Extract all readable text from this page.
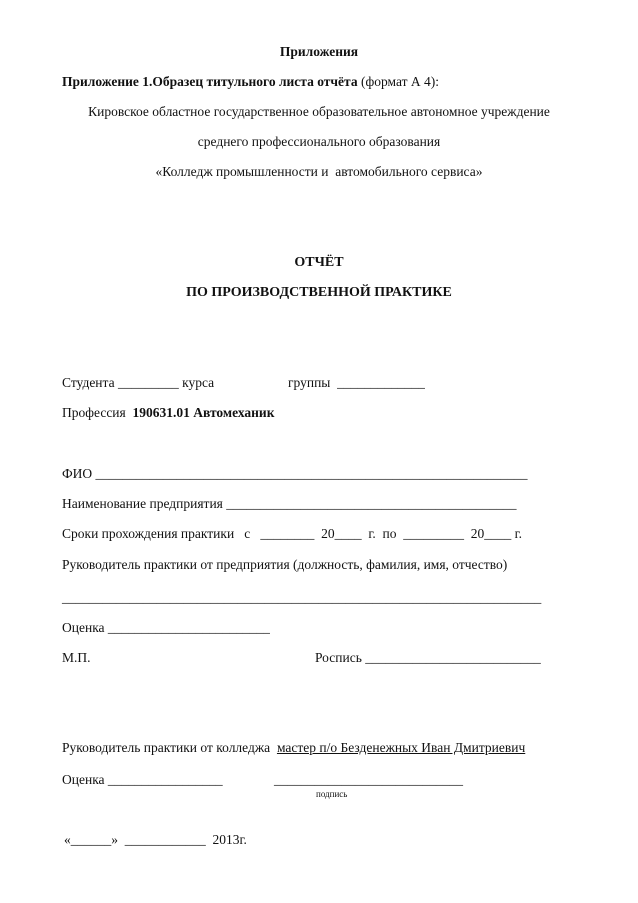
Приложения
Приложение 1.Образец титульного листа отчёта (формат А 4):
Кировское областное государственное образовательное автономное учреждение
среднего профессионального образования
«Колледж промышленности и  автомобильного сервиса»
ОТЧЁТ
ПО ПРОИЗВОДСТВЕННОЙ ПРАКТИКЕ
Студента _________ курса	группы  _____________
Профессия  190631.01 Автомеханик
ФИО ________________________________________________________________
Наименование предприятия ___________________________________________
Сроки прохождения практики   с   ________  20____  г.  по  _________  20____ г.
Руководитель практики от предприятия (должность, фамилия, имя, отчество)
_______________________________________________________________________
Оценка ________________________
М.П.	Роспись __________________________
Руководитель практики от колледжа  мастер п/о Безденежных Иван Дмитриевич
Оценка _________________	____________________________
подпись
«______»  ____________  2013г.
